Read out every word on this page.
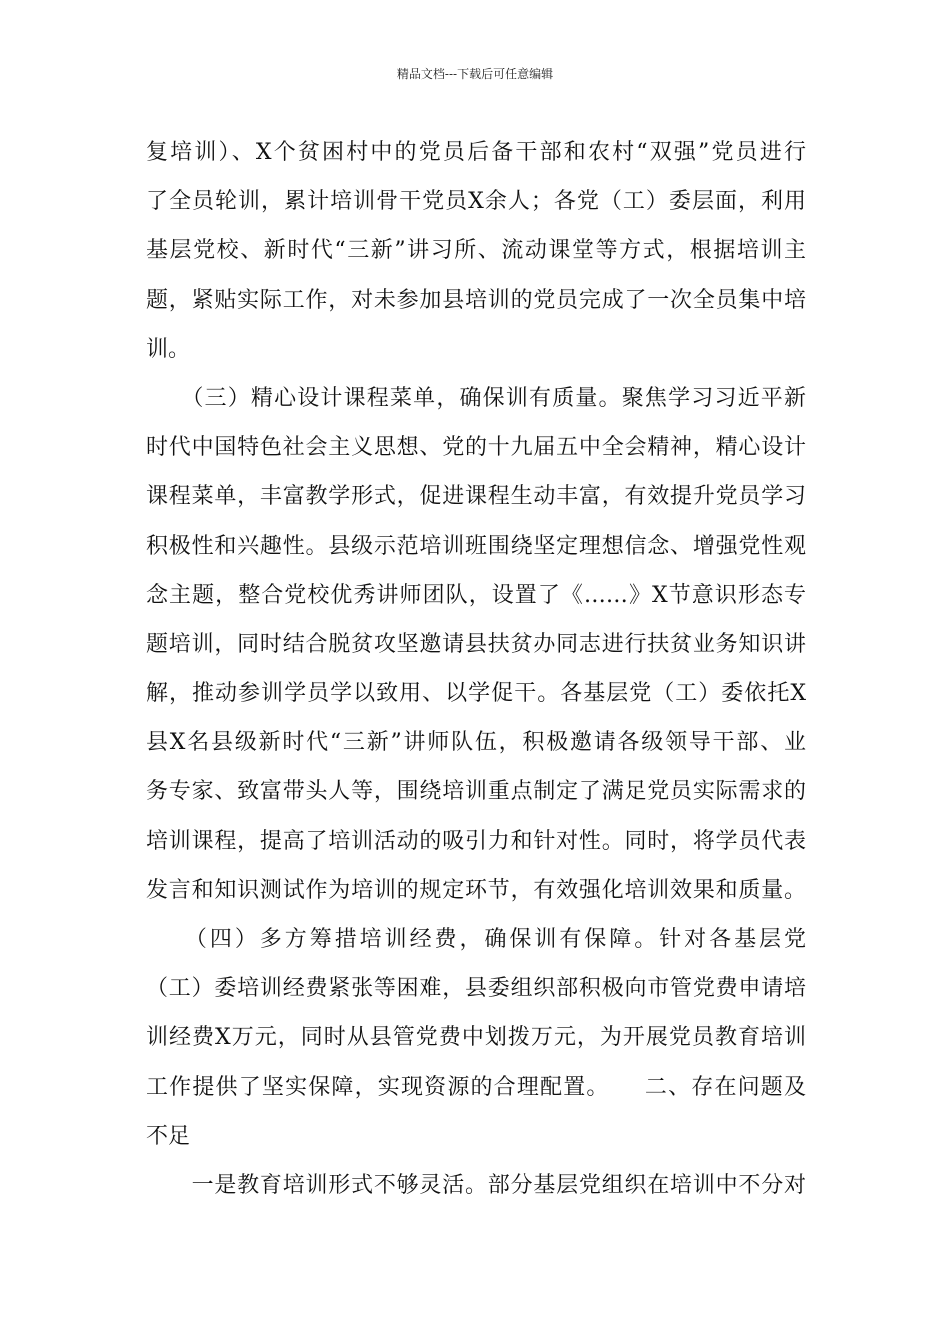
精品文档---下载后可任意编辑
复培训）、X个贫困村中的党员后备干部和农村“双强”党员进行
了全员轮训，累计培训骨干党员X余人；各党（工）委层面，利用
基层党校、新时代“三新”讲习所、流动课堂等方式，根据培训主
题，紧贴实际工作，对未参加县培训的党员完成了一次全员集中培
训。
　　（三）精心设计课程菜单，确保训有质量。聚焦学习习近平新
时代中国特色社会主义思想、党的十九届五中全会精神，精心设计
课程菜单，丰富教学形式，促进课程生动丰富，有效提升党员学习
积极性和兴趣性。县级示范培训班围绕坚定理想信念、增强党性观
念主题，整合党校优秀讲师团队，设置了《……》X节意识形态专
题培训，同时结合脱贫攻坚邀请县扶贫办同志进行扶贫业务知识讲
解，推动参训学员学以致用、以学促干。各基层党（工）委依托X
县X名县级新时代“三新”讲师队伍，积极邀请各级领导干部、业
务专家、致富带头人等，围绕培训重点制定了满足党员实际需求的
培训课程，提高了培训活动的吸引力和针对性。同时，将学员代表
发言和知识测试作为培训的规定环节，有效强化培训效果和质量。
　　（四）多方筹措培训经费，确保训有保障。针对各基层党
（工）委培训经费紧张等困难，县委组织部积极向市管党费申请培
训经费X万元，同时从县管党费中划拨万元，为开展党员教育培训
工作提供了坚实保障，实现资源的合理配置。　　二、存在问题及
不足
　　一是教育培训形式不够灵活。部分基层党组织在培训中不分对
